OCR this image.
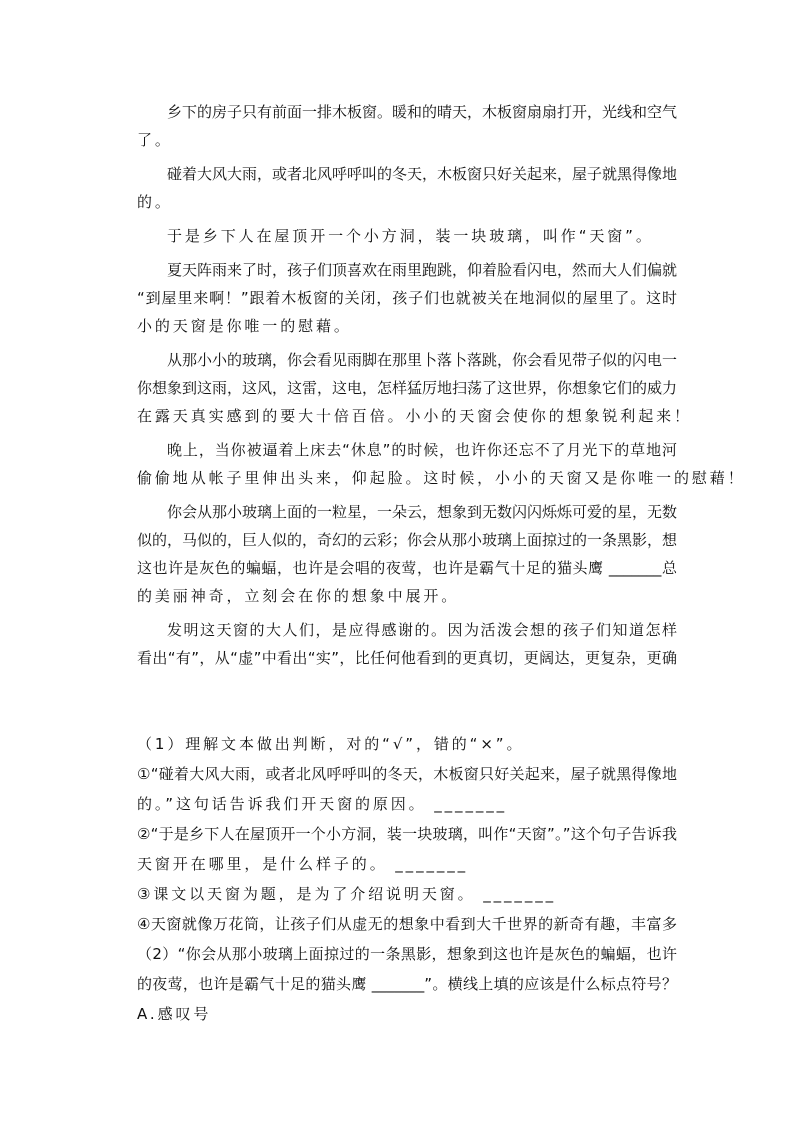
乡下的房子只有前面一排木板窗。暖和的晴天，木板窗扇扇打开，光线和空气
了。
碰着大风大雨，或者北风呼呼叫的冬天，木板窗只好关起来，屋子就黑得像地
的。
于是乡下人在屋顶开一个小方洞，装一块玻璃，叫作“天窗”。
夏天阵雨来了时，孩子们顶喜欢在雨里跑跳，仰着脸看闪电，然而大人们偏就
“到屋里来啊！”跟着木板窗的关闭，孩子们也就被关在地洞似的屋里了。这时
小的天窗是你唯一的慰藉。
从那小小的玻璃，你会看见雨脚在那里卜落卜落跳，你会看见带子似的闪电一
你想象到这雨，这风，这雷，这电，怎样猛厉地扫荡了这世界，你想象它们的威力
在露天真实感到的要大十倍百倍。小小的天窗会使你的想象锐利起来！
晚上，当你被逼着上床去“休息”的时候，也许你还忘不了月光下的草地河
偷偷地从帐子里伸出头来，仰起脸。这时候，小小的天窗又是你唯一的慰藉！
你会从那小玻璃上面的一粒星，一朵云，想象到无数闪闪烁烁可爱的星，无数
似的，马似的，巨人似的，奇幻的云彩；你会从那小玻璃上面掠过的一条黑影，想
这也许是灰色的蝙蝠，也许是会唱的夜莺，也许是霸气十足的猫头鹰 _______总
的美丽神奇，立刻会在你的想象中展开。
发明这天窗的大人们，是应得感谢的。因为活泼会想的孩子们知道怎样
看出“有”，从“虚”中看出“实”，比任何他看到的更真切，更阔达，更复杂，更确
（1）理解文本做出判断，对的“√”，错的“×”。
①“碰着大风大雨，或者北风呼呼叫的冬天，木板窗只好关起来，屋子就黑得像地
的。”这句话告诉我们开天窗的原因。 _______
②“于是乡下人在屋顶开一个小方洞，装一块玻璃，叫作“天窗”。”这个句子告诉我
天窗开在哪里，是什么样子的。 _______
③课文以天窗为题，是为了介绍说明天窗。 _______
④天窗就像万花筒，让孩子们从虚无的想象中看到大千世界的新奇有趣，丰富多
（2）“你会从那小玻璃上面掠过的一条黑影，想象到这也许是灰色的蝙蝠，也许
的夜莺，也许是霸气十足的猫头鹰 _______”。横线上填的应该是什么标点符号？
A.感叹号
